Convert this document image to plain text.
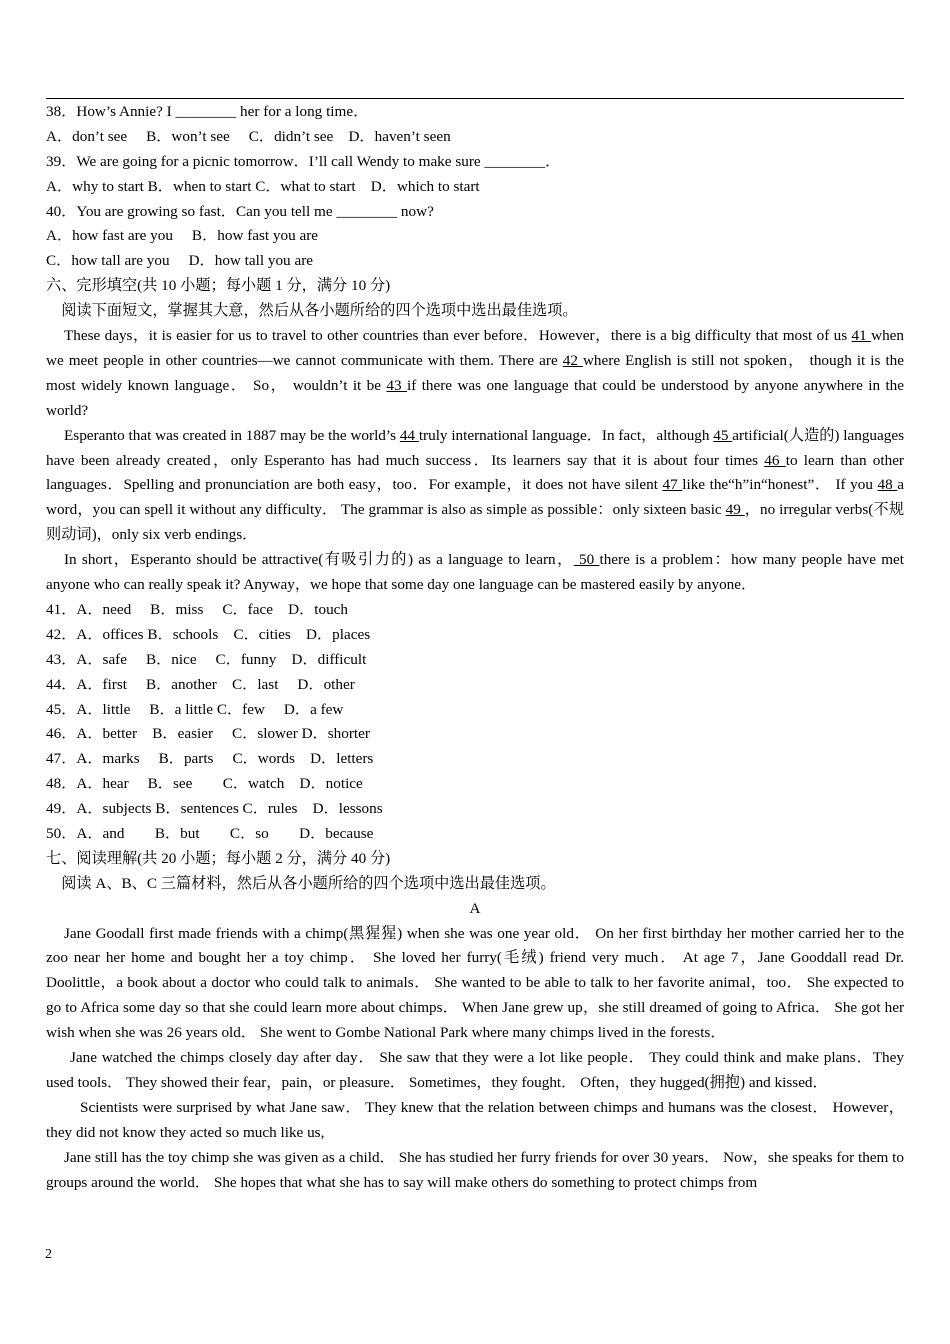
38．How’s Annie? I ________ her for a long time．
A．don’t see　 B．won’t see　 C．didn’t see　D．haven’t seen
39．We are going for a picnic tomorrow．I’ll call Wendy to make sure ________．
A．why to start B．when to start C．what to start　D．which to start
40．You are growing so fast．Can you tell me ________ now?
A．how fast are you　 B．how fast you are
C．how tall are you　 D．how tall you are
六、完形填空(共 10 小题；每小题 1 分，满分 10 分)
　阅读下面短文，掌握其大意，然后从各小题所给的四个选项中选出最佳选项。
These days，it is easier for us to travel to other countries than ever before．However，there is a big difficulty that most of us 41 when we meet people in other countries—we cannot communicate with them. There are 42 where English is still not spoken， though it is the most widely known language． So， wouldn’t it be 43 if there was one language that could be understood by anyone anywhere in the world?
Esperanto that was created in 1887 may be the world’s 44 truly international language．In fact，although 45 artificial(人造的) languages have been already created，only Esperanto has had much success．Its learners say that it is about four times 46 to learn than other languages．Spelling and pronunciation are both easy，too．For example，it does not have silent 47 like the“h”in“honest”． If you 48 a word，you can spell it without any difficulty． The grammar is also as simple as possible：only sixteen basic 49 ，no irregular verbs(不规则动词)，only six verb endings．
In short，Esperanto should be attractive(有吸引力的) as a language to learn， 50 there is a problem：how many people have met anyone who can really speak it? Anyway，we hope that some day one language can be mastered easily by anyone．
41．A．need　 B．miss　 C．face　D．touch
42．A．offices B．schools　C．cities　D．places
43．A．safe　 B．nice　 C．funny　D．difficult
44．A．first　 B．another　C．last　 D．other
45．A．little　 B．a little C．few　 D．a few
46．A．better　B．easier　 C．slower D．shorter
47．A．marks　 B．parts　 C．words　D．letters
48．A．hear　 B．see　　C．watch　D．notice
49．A．subjects B．sentences C．rules　D．lessons
50．A．and　　B．but　　C．so　　D．because
七、阅读理解(共 20 小题；每小题 2 分，满分 40 分)
　阅读 A、B、C 三篇材料，然后从各小题所给的四个选项中选出最佳选项。
A
Jane Goodall first made friends with a chimp(黑猩猩) when she was one year old． On her first birthday her mother carried her to the zoo near her home and bought her a toy chimp． She loved her furry(毛绒) friend very much． At age 7，Jane Gooddall read Dr. Doolittle，a book about a doctor who could talk to animals． She wanted to be able to talk to her favorite animal，too． She expected to go to Africa some day so that she could learn more about chimps． When Jane grew up，she still dreamed of going to Africa． She got her wish when she was 26 years old． She went to Gombe National Park where many chimps lived in the forests．
Jane watched the chimps closely day after day． She saw that they were a lot like people． They could think and make plans．They used tools． They showed their fear，pain，or pleasure． Sometimes，they fought． Often，they hugged(拥抱) and kissed．
Scientists were surprised by what Jane saw． They knew that the relation between chimps and humans was the closest． However，they did not know they acted so much like us,
Jane still has the toy chimp she was given as a child． She has studied her furry friends for over 30 years． Now，she speaks for them to groups around the world． She hopes that what she has to say will make others do something to protect chimps from
2
